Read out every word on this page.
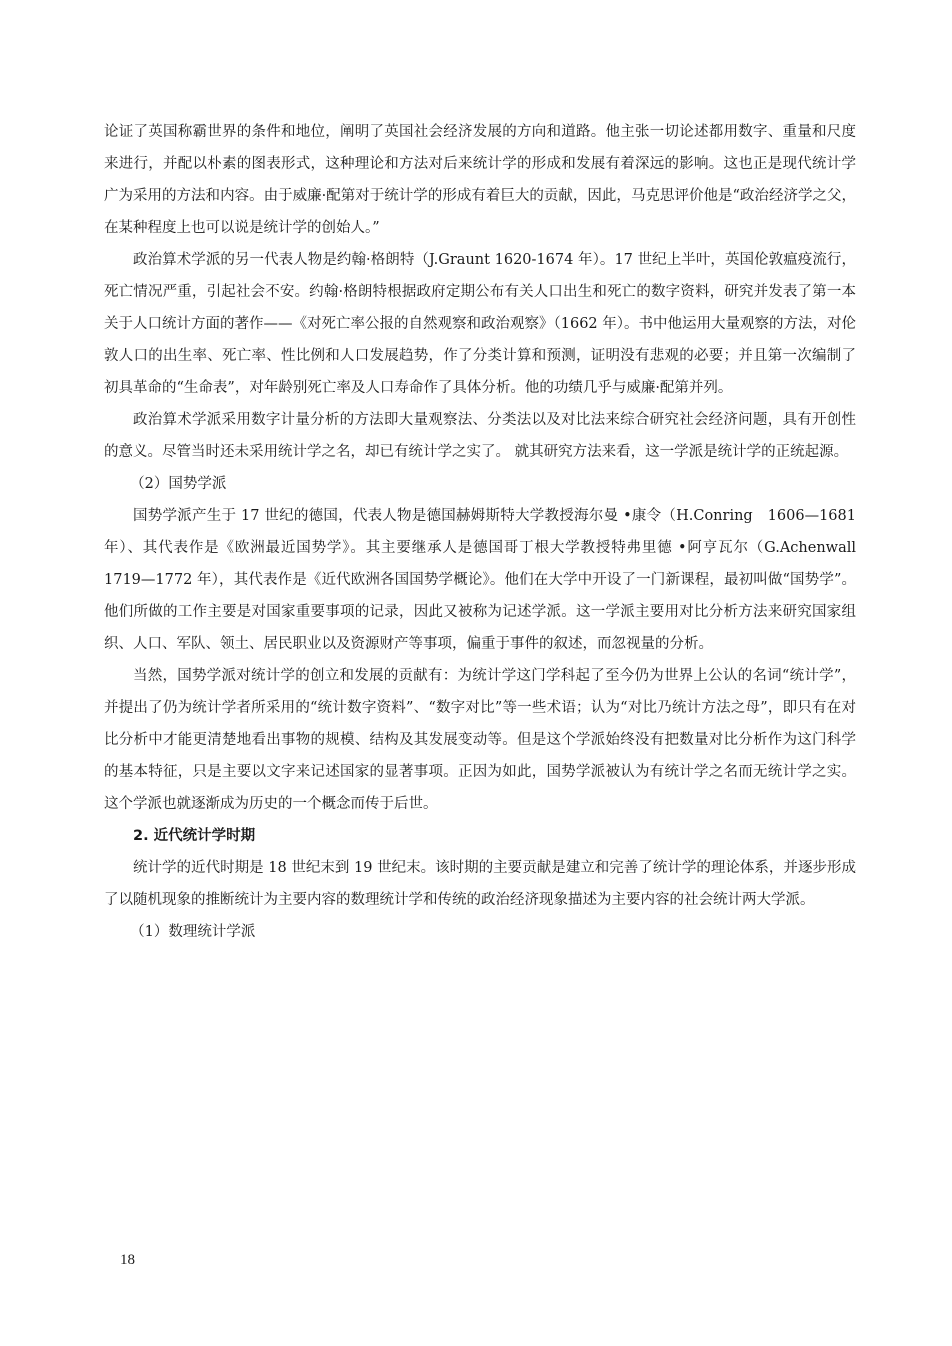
论证了英国称霸世界的条件和地位，阐明了英国社会经济发展的方向和道路。他主张一切论述都用数字、重量和尺度来进行，并配以朴素的图表形式，这种理论和方法对后来统计学的形成和发展有着深远的影响。这也正是现代统计学广为采用的方法和内容。由于威廉·配第对于统计学的形成有着巨大的贡献，因此，马克思评价他是“政治经济学之父，在某种程度上也可以说是统计学的创始人。”

政治算术学派的另一代表人物是约翰·格朗特（J.Graunt 1620-1674 年）。17 世纪上半叶，英国伦敦瘟疫流行，死亡情况严重，引起社会不安。约翰·格朗特根据政府定期公布有关人口出生和死亡的数字资料，研究并发表了第一本关于人口统计方面的著作——《对死亡率公报的自然观察和政治观察》（1662 年）。书中他运用大量观察的方法，对伦敦人口的出生率、死亡率、性比例和人口发展趋势，作了分类计算和预测，证明没有悲观的必要；并且第一次编制了初具革命的“生命表”，对年龄别死亡率及人口寿命作了具体分析。他的功绩几乎与威廉·配第并列。

政治算术学派采用数字计量分析的方法即大量观察法、分类法以及对比法来综合研究社会经济问题，具有开创性的意义。尽管当时还未采用统计学之名，却已有统计学之实了。 就其研究方法来看，这一学派是统计学的正统起源。

（2）国势学派

国势学派产生于 17 世纪的德国，代表人物是德国赫姆斯特大学教授海尔曼 •康令（H.Conring　1606—1681 年）、其代表作是《欧洲最近国势学》。其主要继承人是德国哥丁根大学教授特弗里德 •阿亨瓦尔（G.Achenwall　1719—1772 年），其代表作是《近代欧洲各国国势学概论》。他们在大学中开设了一门新课程，最初叫做“国势学”。他们所做的工作主要是对国家重要事项的记录，因此又被称为记述学派。这一学派主要用对比分析方法来研究国家组织、人口、军队、领土、居民职业以及资源财产等事项，偏重于事件的叙述，而忽视量的分析。

当然，国势学派对统计学的创立和发展的贡献有：为统计学这门学科起了至今仍为世界上公认的名词“统计学”，并提出了仍为统计学者所采用的“统计数字资料”、“数字对比”等一些术语；认为“对比乃统计方法之母”，即只有在对比分析中才能更清楚地看出事物的规模、结构及其发展变动等。但是这个学派始终没有把数量对比分析作为这门科学的基本特征，只是主要以文字来记述国家的显著事项。正因为如此，国势学派被认为有统计学之名而无统计学之实。这个学派也就逐渐成为历史的一个概念而传于后世。

2. 近代统计学时期

统计学的近代时期是 18 世纪末到 19 世纪末。该时期的主要贡献是建立和完善了统计学的理论体系，并逐步形成了以随机现象的推断统计为主要内容的数理统计学和传统的政治经济现象描述为主要内容的社会统计两大学派。

（1）数理统计学派

18
